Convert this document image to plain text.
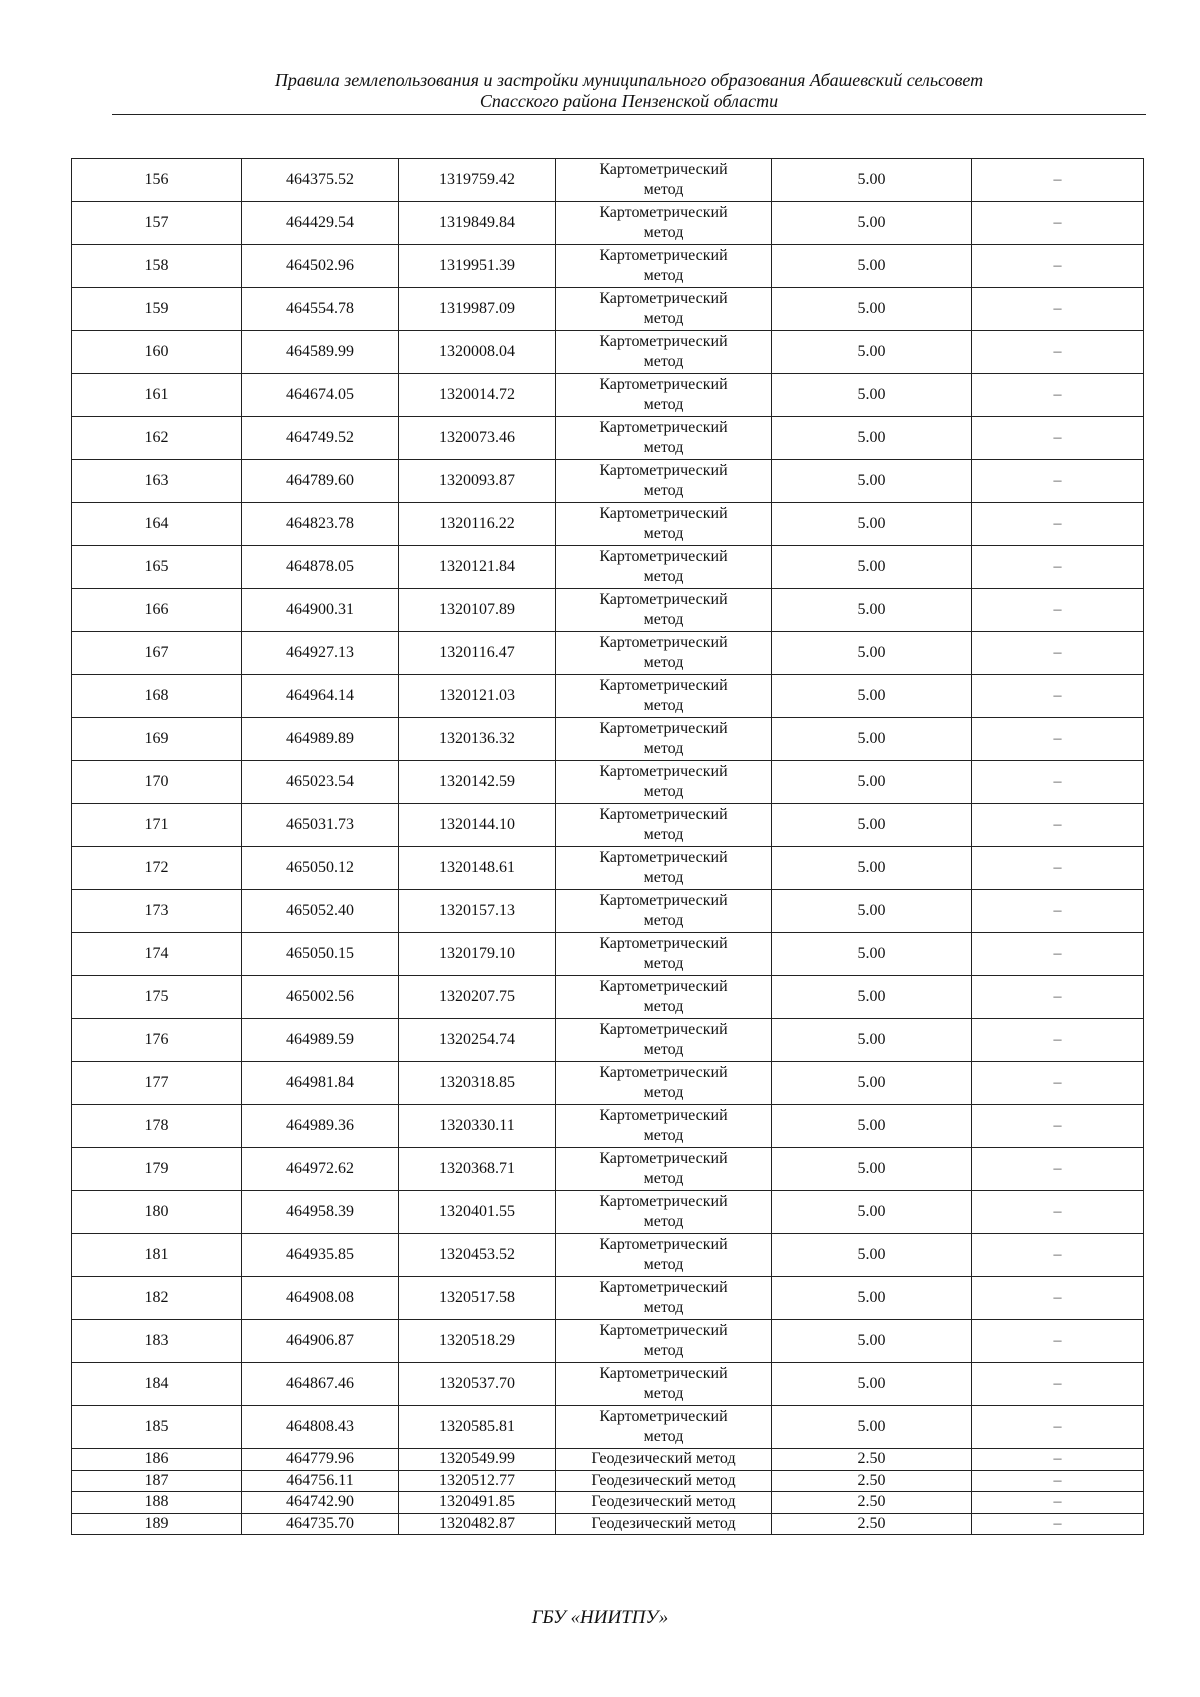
Правила землепользования и застройки муниципального образования Абашевский сельсовет
Спасского района Пензенской области
156	464375.52	1319759.42	Картометрический метод	5.00	–
157	464429.54	1319849.84	Картометрический метод	5.00	–
158	464502.96	1319951.39	Картометрический метод	5.00	–
159	464554.78	1319987.09	Картометрический метод	5.00	–
160	464589.99	1320008.04	Картометрический метод	5.00	–
161	464674.05	1320014.72	Картометрический метод	5.00	–
162	464749.52	1320073.46	Картометрический метод	5.00	–
163	464789.60	1320093.87	Картометрический метод	5.00	–
164	464823.78	1320116.22	Картометрический метод	5.00	–
165	464878.05	1320121.84	Картометрический метод	5.00	–
166	464900.31	1320107.89	Картометрический метод	5.00	–
167	464927.13	1320116.47	Картометрический метод	5.00	–
168	464964.14	1320121.03	Картометрический метод	5.00	–
169	464989.89	1320136.32	Картометрический метод	5.00	–
170	465023.54	1320142.59	Картометрический метод	5.00	–
171	465031.73	1320144.10	Картометрический метод	5.00	–
172	465050.12	1320148.61	Картометрический метод	5.00	–
173	465052.40	1320157.13	Картометрический метод	5.00	–
174	465050.15	1320179.10	Картометрический метод	5.00	–
175	465002.56	1320207.75	Картометрический метод	5.00	–
176	464989.59	1320254.74	Картометрический метод	5.00	–
177	464981.84	1320318.85	Картометрический метод	5.00	–
178	464989.36	1320330.11	Картометрический метод	5.00	–
179	464972.62	1320368.71	Картометрический метод	5.00	–
180	464958.39	1320401.55	Картометрический метод	5.00	–
181	464935.85	1320453.52	Картометрический метод	5.00	–
182	464908.08	1320517.58	Картометрический метод	5.00	–
183	464906.87	1320518.29	Картометрический метод	5.00	–
184	464867.46	1320537.70	Картометрический метод	5.00	–
185	464808.43	1320585.81	Картометрический метод	5.00	–
186	464779.96	1320549.99	Геодезический метод	2.50	–
187	464756.11	1320512.77	Геодезический метод	2.50	–
188	464742.90	1320491.85	Геодезический метод	2.50	–
189	464735.70	1320482.87	Геодезический метод	2.50	–
ГБУ «НИИТПУ»
